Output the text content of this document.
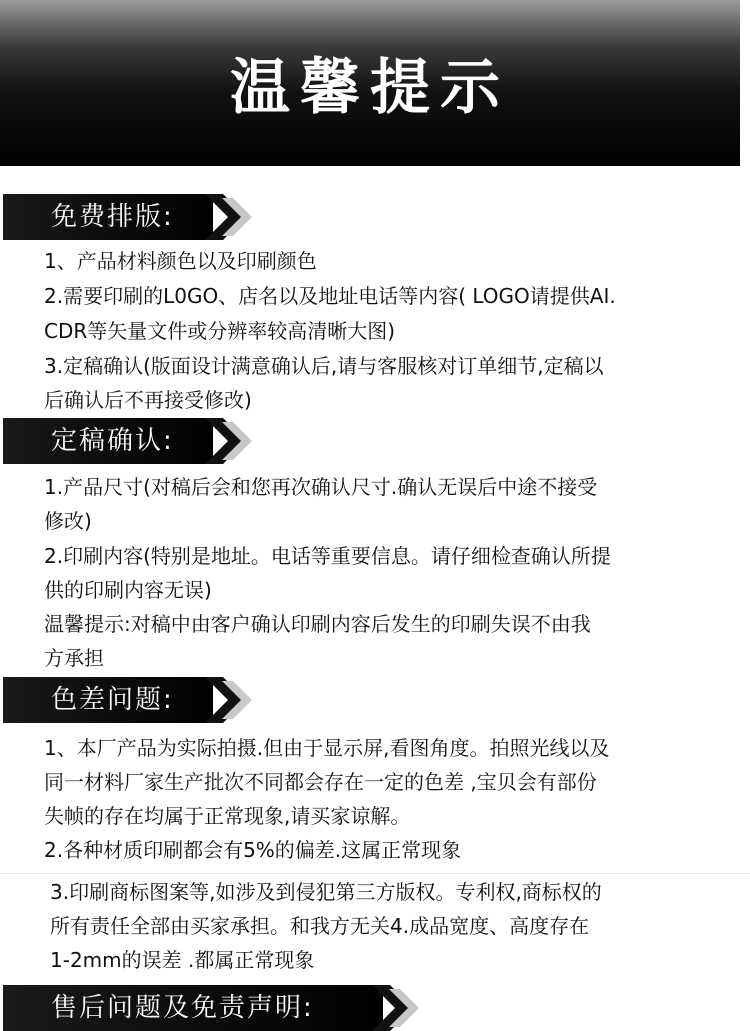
温馨提示
免费排版:
1、产品材料颜色以及印刷颜色
2.需要印刷的L0GO、店名以及地址电话等内容( LOGO请提供AI.
CDR等矢量文件或分辨率较高清晰大图)
3.定稿确认(版面设计满意确认后,请与客服核对订单细节,定稿以
后确认后不再接受修改)
定稿确认:
1.产品尺寸(对稿后会和您再次确认尺寸.确认无误后中途不接受
修改)
2.印刷内容(特别是地址。电话等重要信息。请仔细检查确认所提
供的印刷内容无误)
温馨提示:对稿中由客户确认印刷内容后发生的印刷失误不由我
方承担
色差问题:
1、本厂产品为实际拍摄.但由于显示屏,看图角度。拍照光线以及
同一材料厂家生产批次不同都会存在一定的色差 ,宝贝会有部份
失帧的存在均属于正常现象,请买家谅解。
2.各种材质印刷都会有5%的偏差.这属正常现象
3.印刷商标图案等,如涉及到侵犯第三方版权。专利权,商标权的
所有责任全部由买家承担。和我方无关4.成品宽度、高度存在
1-2mm的误差 .都属正常现象
售后问题及免责声明:
